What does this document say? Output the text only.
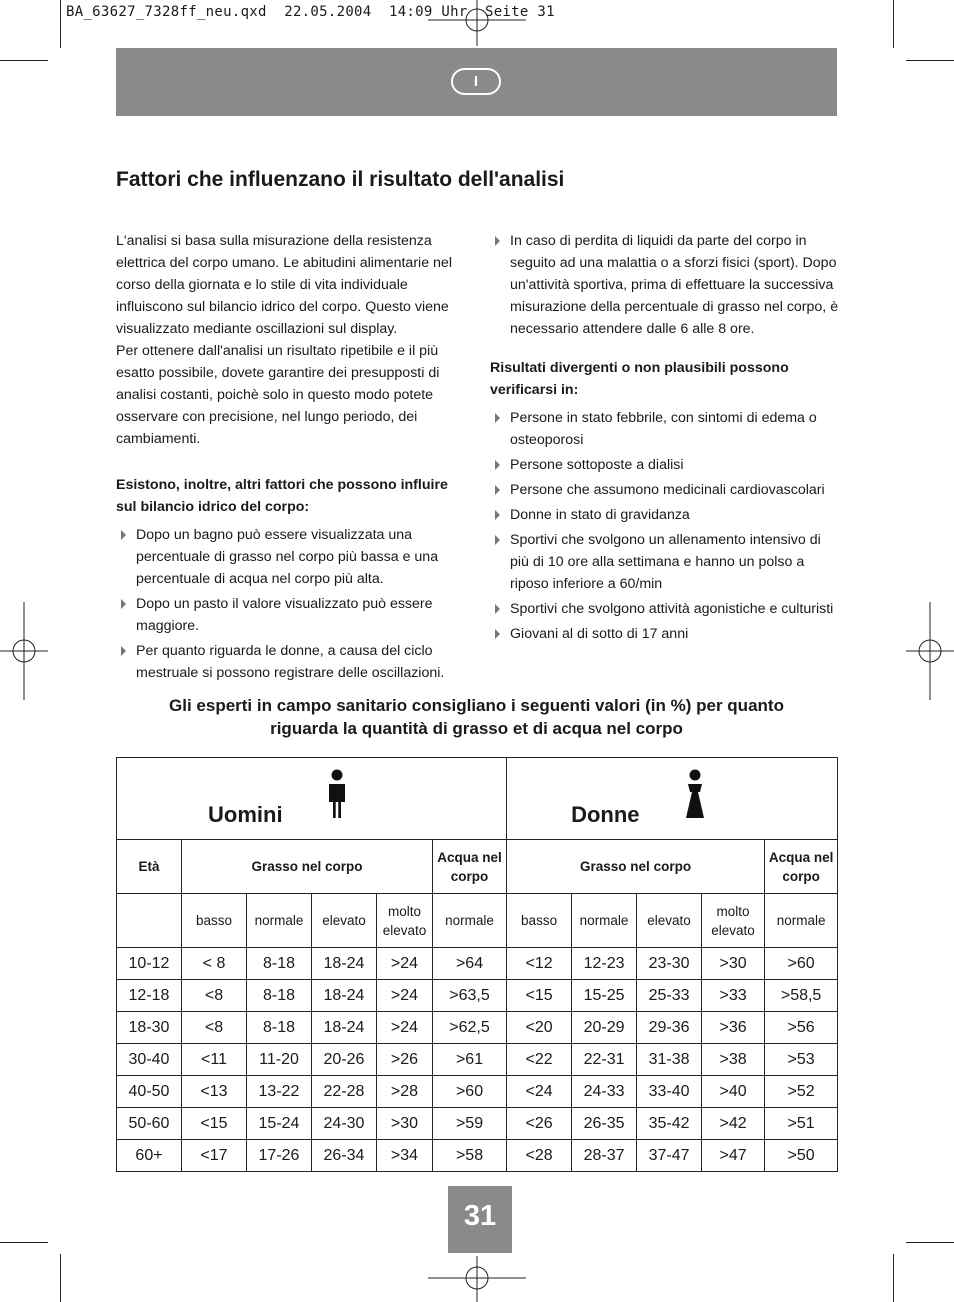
BA_63627_7328ff_neu.qxd  22.05.2004  14:09 Uhr  Seite 31
I
Fattori che influenzano il risultato dell'analisi

L'analisi si basa sulla misurazione della resistenza elettrica del corpo umano. Le abitudini alimentarie nel corso della giornata e lo stile di vita individuale influiscono sul bilancio idrico del corpo. Questo viene visualizzato mediante oscillazioni sul display.

Per ottenere dall'analisi un risultato ripetibile e il più esatto possibile, dovete garantire dei presupposti di analisi costanti, poichè solo in questo modo potete osservare con precisione, nel lungo periodo, dei cambiamenti.

Esistono, inoltre, altri fattori che possono influire sul bilancio idrico del corpo:

Dopo un bagno può essere visualizzata una percentuale di grasso nel corpo più bassa e una percentuale di acqua nel corpo più alta.
Dopo un pasto il valore visualizzato può essere maggiore.
Per quanto riguarda le donne, a causa del ciclo mestruale si possono registrare delle oscillazioni.
In caso di perdita di liquidi da parte del corpo in seguito ad una malattia o a sforzi fisici (sport). Dopo un'attività sportiva, prima di effettuare la successiva misurazione della percentuale di grasso nel corpo, è necessario attendere dalle 6 alle 8 ore.

Risultati divergenti o non plausibili possono verificarsi in:

Persone in stato febbrile, con sintomi di edema o osteoporosi
Persone sottoposte a dialisi
Persone che assumono medicinali cardiovascolari
Donne in stato di gravidanza
Sportivi che svolgono un allenamento intensivo di più di 10 ore alla settimana e hanno un polso a riposo inferiore a 60/min
Sportivi che svolgono attività agonistiche e culturisti
Giovani al di sotto di 17 anni
Gli esperti in campo sanitario consigliano i seguenti valori (in %) per quanto
riguarda la quantità di grasso et di acqua nel corpo
Uomini						Donne				

Età	Grasso nel corpo				Acqua nel corpo	Grasso nel corpo				Acqua nel corpo
	basso	normale	elevato	molto elevato	normale	basso	normale	elevato	molto elevato	normale
10-12	< 8	8-18	18-24	>24	>64	<12	12-23	23-30	>30	>60
12-18	<8	8-18	18-24	>24	>63,5	<15	15-25	25-33	>33	>58,5
18-30	<8	8-18	18-24	>24	>62,5	<20	20-29	29-36	>36	>56
30-40	<11	11-20	20-26	>26	>61	<22	22-31	31-38	>38	>53
40-50	<13	13-22	22-28	>28	>60	<24	24-33	33-40	>40	>52
50-60	<15	15-24	24-30	>30	>59	<26	26-35	35-42	>42	>51
60+	<17	17-26	26-34	>34	>58	<28	28-37	37-47	>47	>50
31
